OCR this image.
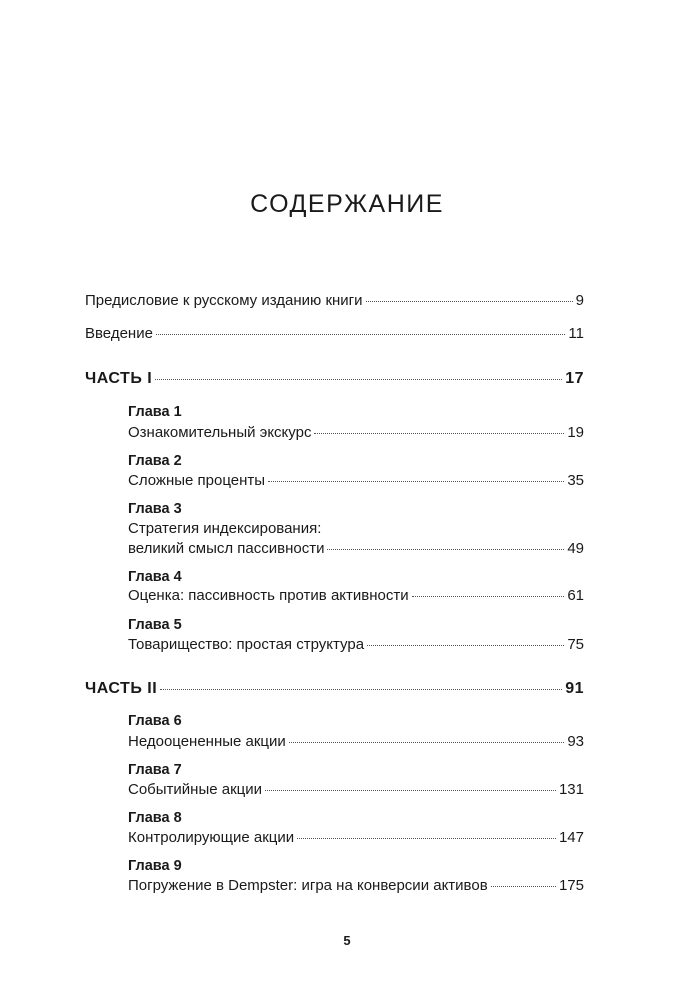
СОДЕРЖАНИЕ
Предисловие к русскому изданию книги	9
Введение	11
ЧАСТЬ I	17
Глава 1
Ознакомительный экскурс	19
Глава 2
Сложные проценты	35
Глава 3
Стратегия индексирования:
великий смысл пассивности	49
Глава 4
Оценка: пассивность против активности	61
Глава 5
Товарищество: простая структура	75
ЧАСТЬ II	91
Глава 6
Недооцененные акции	93
Глава 7
Событийные акции	131
Глава 8
Контролирующие акции	147
Глава 9
Погружение в Dempster: игра на конверсии активов	175
5
